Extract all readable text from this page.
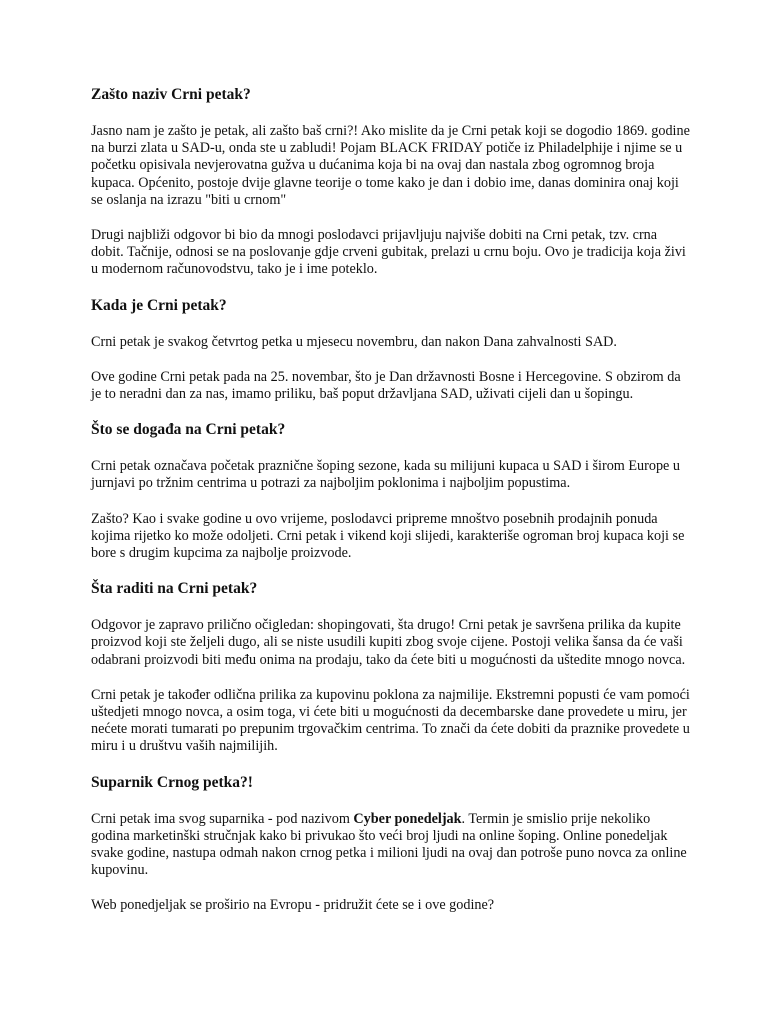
Zašto naziv Crni petak?

Jasno nam je zašto je petak, ali zašto baš crni?! Ako mislite da je Crni petak koji se dogodio 1869. godine na burzi zlata u SAD-u, onda ste u zabludi! Pojam BLACK FRIDAY potiče iz Philadelphije i njime se u početku opisivala nevjerovatna gužva u dućanima koja bi na ovaj dan nastala zbog ogromnog broja kupaca. Općenito, postoje dvije glavne teorije o tome kako je dan i dobio ime, danas dominira onaj koji se oslanja na izrazu "biti u crnom"

Drugi najbliži odgovor bi bio da mnogi poslodavci prijavljuju najviše dobiti na Crni petak, tzv. crna dobit. Tačnije, odnosi se na poslovanje gdje crveni gubitak, prelazi u crnu boju. Ovo je tradicija koja živi u modernom računovodstvu, tako je i ime poteklo.

Kada je Crni petak?

Crni petak je svakog četvrtog petka u mjesecu novembru, dan nakon Dana zahvalnosti SAD.

Ove godine Crni petak pada na 25. novembar, što je Dan državnosti Bosne i Hercegovine. S obzirom da je to neradni dan za nas, imamo priliku, baš poput državljana SAD, uživati cijeli dan u šopingu.

Što se događa na Crni petak?

Crni petak označava početak praznične šoping sezone, kada su milijuni kupaca u SAD i širom Europe u jurnjavi po tržnim centrima u potrazi za najboljim poklonima i najboljim popustima.

Zašto? Kao i svake godine u ovo vrijeme, poslodavci pripreme mnoštvo posebnih prodajnih ponuda kojima rijetko ko može odoljeti. Crni petak i vikend koji slijedi, karakteriše ogroman broj kupaca koji se bore s drugim kupcima za najbolje proizvode.

Šta raditi na Crni petak?

Odgovor je zapravo prilično očigledan: shopingovati, šta drugo! Crni petak je savršena prilika da kupite proizvod koji ste željeli dugo, ali se niste usudili kupiti zbog svoje cijene. Postoji velika šansa da će vaši odabrani proizvodi biti među onima na prodaju, tako da ćete biti u mogućnosti da uštedite mnogo novca.

Crni petak je također odlična prilika za kupovinu poklona za najmilije. Ekstremni popusti će vam pomoći uštedjeti mnogo novca, a osim toga, vi ćete biti u mogućnosti da decembarske dane provedete u miru, jer nećete morati tumarati po prepunim trgovačkim centrima. To znači da ćete dobiti da praznike provedete u miru i u društvu vaših najmilijih.

Suparnik Crnog petka?!

Crni petak ima svog suparnika - pod nazivom Cyber ponedeljak. Termin je smislio prije nekoliko godina marketinški stručnjak kako bi privukao što veći broj ljudi na online šoping. Online ponedeljak svake godine, nastupa odmah nakon crnog petka i milioni ljudi na ovaj dan potroše puno novca za online kupovinu.

Web ponedjeljak se proširio na Evropu - pridružit ćete se i ove godine?
